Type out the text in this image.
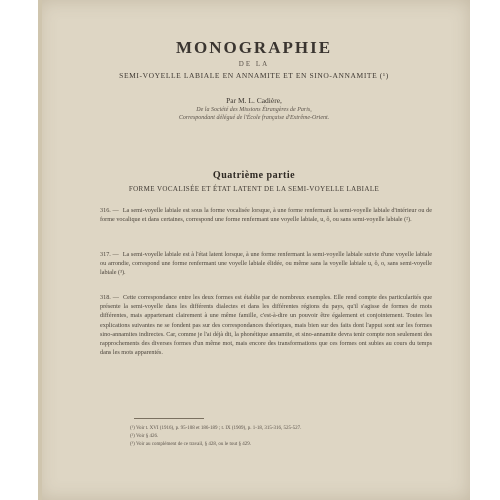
MONOGRAPHIE
DE LA
SEMI-VOYELLE LABIALE EN ANNAMITE ET EN SINO-ANNAMITE (¹)
Par M. L. Cadière,
De la Société des Missions Étrangères de Paris,
Correspondant délégué de l'École française d'Extrême-Orient.
Quatrième partie
FORME VOCALISÉE ET ÉTAT LATENT DE LA SEMI-VOYELLE LABIALE
316. — La semi-voyelle labiale est sous la forme vocalisée lorsque, à une forme renfermant la semi-voyelle labiale d'intérieur ou de forme vocalique et dans certaines, correspond une forme renfermant une voyelle labiale, u, ô, ou sans semi-voyelle labiale (²).
317. — La semi-voyelle labiale est à l'état latent lorsque, à une forme renfermant la semi-voyelle labiale suivie d'une voyelle labiale ou arrondie, correspond une forme renfermant une voyelle labiale élidée, ou même sans la voyelle labiale u, ô, o, sans semi-voyelle labiale (³).
318. — Cette correspondance entre les deux formes est établie par de nombreux exemples. Elle rend compte des particularités que présente la semi-voyelle dans les différents dialectes et dans les différentes régions du pays, qu'il s'agisse de formes de mots différentes, mais appartenant clairement à une même famille, c'est-à-dire un pouvoir être également et conjointement. Toutes les explications suivantes ne se fondent pas sur des correspondances théoriques, mais bien sur des faits dont l'appui sont sur les formes sino-annamites indirectes. Car, comme je l'ai déjà dit, la phonétique annamite, et sino-annamite devra tenir compte non seulement des rapprochements des diverses formes d'un même mot, mais encore des transformations que ces formes ont subies au cours du temps dans les mots apparentés.
(¹) Voir t. XVI (1916), p. 95-108 et 186-189 ; t. IX (1909), p. 1-18, 315-316, 525-527.
(²) Voir § 426.
(³) Voir au complément de ce travail, § 428, ou le tout § 429.
